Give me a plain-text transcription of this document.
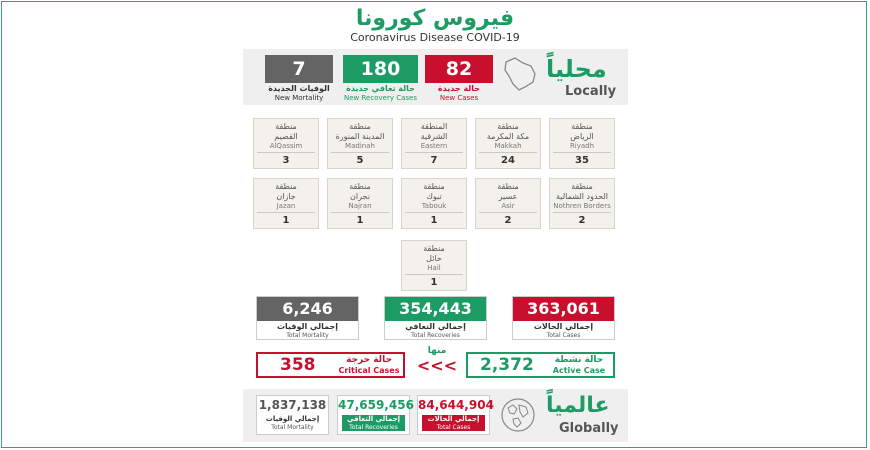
فيروس كورونا
Coronavirus Disease COVID-19
7
الوفيات الجديدة
New Mortality
180
حالة تعافي جديدة
New Recovery Cases
82
حالة جديدة
New Cases
محلياً
Locally
منطقة
الرياض
Riyadh
35
منطقة
مكة المكرمة
Makkah
24
المنطقة
الشرقية
Eastern
7
منطقة
المدينة المنورة
Madinah
5
منطقة
القصيم
AlQassim
3
منطقة
الحدود الشمالية
Nothren Borders
2
منطقة
عسير
Asir
2
منطقة
تبوك
Tabouk
1
منطقة
نجران
Najran
1
منطقة
جازان
Jazan
1
منطقة
حائل
Hail
1
6,246
إجمالي الوفيات
Total Mortality
354,443
إجمالي التعافي
Total Recoveries
363,061
إجمالي الحالات
Total Cases
358	حالة حرجة
Critical Cases
منها
<<< 2,372	حالة نشطة
Active Case
1,837,138
إجمالي الوفيات
Total Mortality
47,659,456
إجمالي التعافي
Total Recoveries
84,644,904
إجمالي الحالات
Total Cases
عالمياً
Globally
